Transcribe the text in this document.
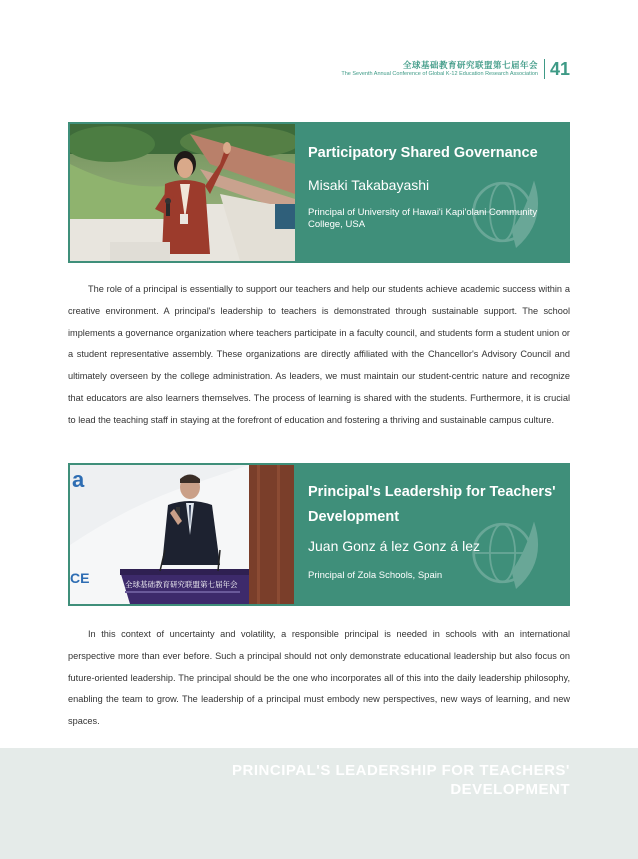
全球基础教育研究联盟第七届年会
The Seventh Annual Conference of Global K-12 Education Research Association 41
Participatory Shared Governance
Misaki Takabayashi
Principal of University of Hawai'i Kapi'olani Community College, USA

The role of a principal is essentially to support our teachers and help our students achieve academic success within a creative environment. A principal's leadership to teachers is demonstrated through sustainable support. The school implements a governance organization where teachers participate in a faculty council, and students form a student union or a student representative assembly. These organizations are directly affiliated with the Chancellor's Advisory Council and ultimately overseen by the college administration. As leaders, we must maintain our student-centric nature and recognize that educators are also learners themselves. The process of learning is shared with the students. Furthermore, it is crucial to lead the teaching staff in staying at the forefront of education and fostering a thriving and sustainable campus culture.

a
CE	全球基础教育研究联盟第七届年会
Principal's Leadership for Teachers' Development
Juan Gonz á lez Gonz á lez
Principal of Zola Schools, Spain

In this context of uncertainty and volatility, a responsible principal is needed in schools with an international perspective more than ever before. Such a principal should not only demonstrate educational leadership but also focus on future-oriented leadership. The principal should be the one who incorporates all of this into the daily leadership philosophy, enabling the team to grow. The leadership of a principal must embody new perspectives, new ways of learning, and new spaces.

PRINCIPAL'S LEADERSHIP FOR TEACHERS'
DEVELOPMENT
